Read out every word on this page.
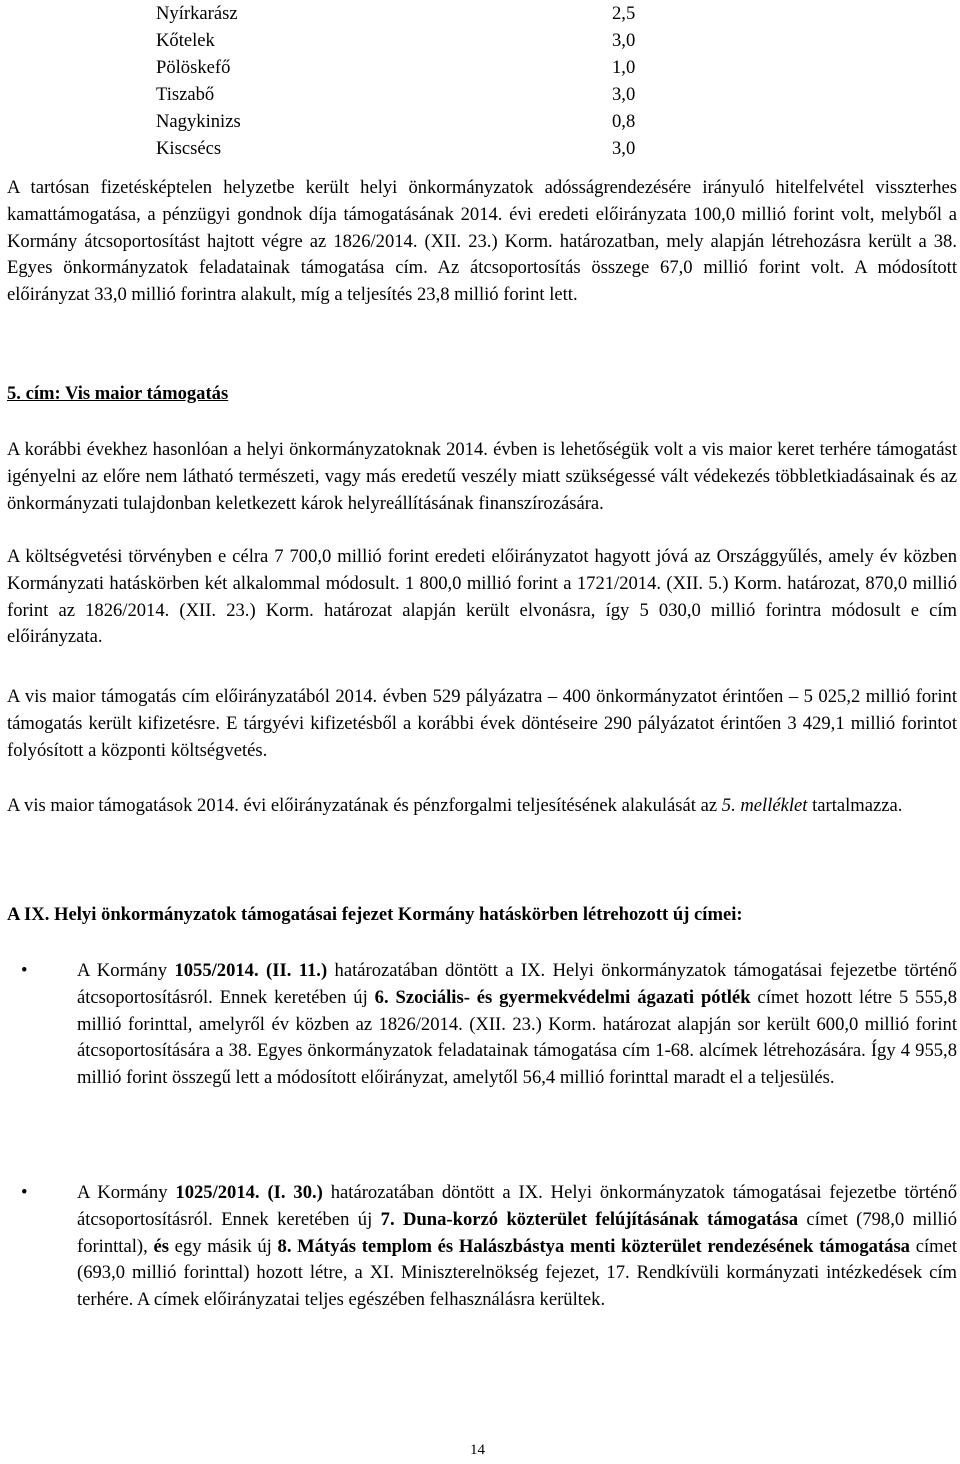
Nyírkarász	2,5
Kőtelek	3,0
Pölöskefő	1,0
Tiszabő	3,0
Nagykinizs	0,8
Kiscsécs	3,0

A tartósan fizetésképtelen helyzetbe került helyi önkormányzatok adósságrendezésére irányuló hitelfelvétel visszterhes kamattámogatása, a pénzügyi gondnok díja támogatásának 2014. évi eredeti előirányzata 100,0 millió forint volt, melyből a Kormány átcsoportosítást hajtott végre az 1826/2014. (XII. 23.) Korm. határozatban, mely alapján létrehozásra került a 38. Egyes önkormányzatok feladatainak támogatása cím. Az átcsoportosítás összege 67,0 millió forint volt. A módosított előirányzat 33,0 millió forintra alakult, míg a teljesítés 23,8 millió forint lett.

5. cím: Vis maior támogatás

A korábbi évekhez hasonlóan a helyi önkormányzatoknak 2014. évben is lehetőségük volt a vis maior keret terhére támogatást igényelni az előre nem látható természeti, vagy más eredetű veszély miatt szükségessé vált védekezés többletkiadásainak és az önkormányzati tulajdonban keletkezett károk helyreállításának finanszírozására.

A költségvetési törvényben e célra 7 700,0 millió forint eredeti előirányzatot hagyott jóvá az Országgyűlés, amely év közben Kormányzati hatáskörben két alkalommal módosult. 1 800,0 millió forint a 1721/2014. (XII. 5.) Korm. határozat, 870,0 millió forint az 1826/2014. (XII. 23.) Korm. határozat alapján került elvonásra, így 5 030,0 millió forintra módosult e cím előirányzata.

A vis maior támogatás cím előirányzatából 2014. évben 529 pályázatra – 400 önkormányzatot érintően – 5 025,2 millió forint támogatás került kifizetésre. E tárgyévi kifizetésből a korábbi évek döntéseire 290 pályázatot érintően 3 429,1 millió forintot folyósított a központi költségvetés.

A vis maior támogatások 2014. évi előirányzatának és pénzforgalmi teljesítésének alakulását az 5. melléklet tartalmazza.

A IX. Helyi önkormányzatok támogatásai fejezet Kormány hatáskörben létrehozott új címei:
•	A Kormány 1055/2014. (II. 11.) határozatában döntött a IX. Helyi önkormányzatok támogatásai fejezetbe történő átcsoportosításról. Ennek keretében új 6. Szociális- és gyermekvédelmi ágazati pótlék címet hozott létre 5 555,8 millió forinttal, amelyről év közben az 1826/2014. (XII. 23.) Korm. határozat alapján sor került 600,0 millió forint átcsoportosítására a 38. Egyes önkormányzatok feladatainak támogatása cím 1-68. alcímek létrehozására. Így 4 955,8 millió forint összegű lett a módosított előirányzat, amelytől 56,4 millió forinttal maradt el a teljesülés.
•	A Kormány 1025/2014. (I. 30.) határozatában döntött a IX. Helyi önkormányzatok támogatásai fejezetbe történő átcsoportosításról. Ennek keretében új 7. Duna-korzó közterület felújításának támogatása címet (798,0 millió forinttal), és egy másik új 8. Mátyás templom és Halászbástya menti közterület rendezésének támogatása címet (693,0 millió forinttal) hozott létre, a XI. Miniszterelnökség fejezet, 17. Rendkívüli kormányzati intézkedések cím terhére. A címek előirányzatai teljes egészében felhasználásra kerültek.
14
